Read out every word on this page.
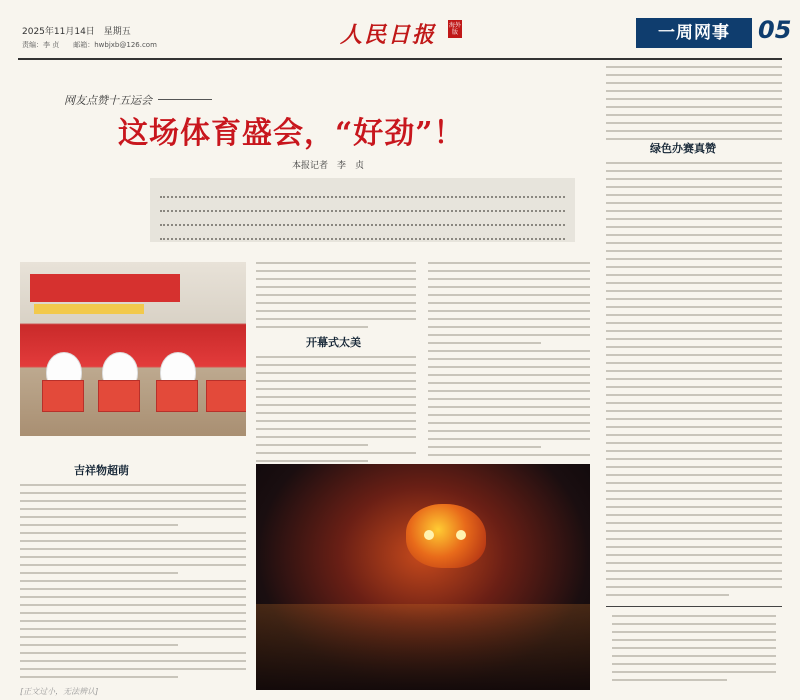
2025年11月14日　星期五
责编：李 贞　　邮箱：hwbjxb@126.com	人民日报 海外版	一周网事	05
网友点赞十五运会
这场体育盛会，“好劲”！
本报记者　李　贞
吉祥物超萌
[正文过小，无法辨认]
开幕式太美
绿色办赛真赞
